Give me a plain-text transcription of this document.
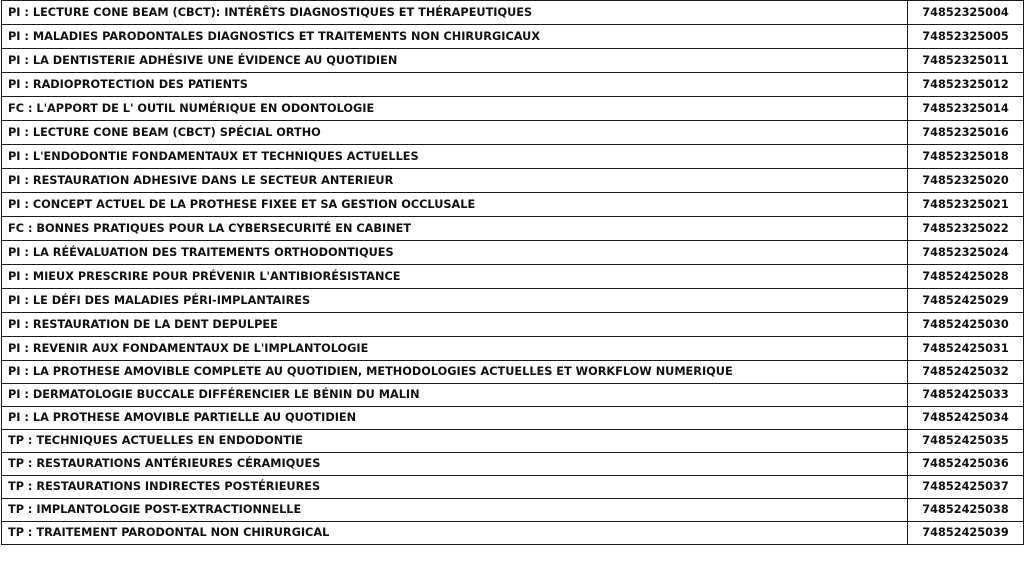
PI : LECTURE CONE BEAM (CBCT): INTÉRÊTS DIAGNOSTIQUES ET THÉRAPEUTIQUES	74852325004
PI : MALADIES PARODONTALES DIAGNOSTICS ET TRAITEMENTS NON CHIRURGICAUX	74852325005
PI : LA DENTISTERIE ADHÉSIVE UNE ÉVIDENCE AU QUOTIDIEN	74852325011
PI : RADIOPROTECTION DES PATIENTS	74852325012
FC : L'APPORT DE L' OUTIL NUMÉRIQUE EN ODONTOLOGIE	74852325014
PI : LECTURE CONE BEAM (CBCT) SPÉCIAL ORTHO	74852325016
PI : L'ENDODONTIE FONDAMENTAUX ET TECHNIQUES ACTUELLES	74852325018
PI : RESTAURATION ADHESIVE DANS LE SECTEUR ANTERIEUR	74852325020
PI : CONCEPT ACTUEL DE LA PROTHESE FIXEE ET SA GESTION OCCLUSALE	74852325021
FC : BONNES PRATIQUES POUR LA CYBERSECURITÉ EN CABINET	74852325022
PI : LA RÉÉVALUATION DES TRAITEMENTS ORTHODONTIQUES	74852325024
PI : MIEUX PRESCRIRE POUR PRÉVENIR L'ANTIBIORÉSISTANCE	74852425028
PI : LE DÉFI DES MALADIES PÉRI-IMPLANTAIRES	74852425029
PI : RESTAURATION DE LA DENT DEPULPEE	74852425030
PI : REVENIR AUX FONDAMENTAUX DE L'IMPLANTOLOGIE	74852425031
PI : LA PROTHESE AMOVIBLE COMPLETE AU QUOTIDIEN, METHODOLOGIES ACTUELLES ET WORKFLOW NUMERIQUE	74852425032
PI : DERMATOLOGIE BUCCALE DIFFÉRENCIER LE BÉNIN DU MALIN	74852425033
PI : LA PROTHESE AMOVIBLE PARTIELLE AU QUOTIDIEN	74852425034
TP : TECHNIQUES ACTUELLES EN ENDODONTIE	74852425035
TP : RESTAURATIONS ANTÉRIEURES CÉRAMIQUES	74852425036
TP : RESTAURATIONS INDIRECTES POSTÉRIEURES	74852425037
TP : IMPLANTOLOGIE POST-EXTRACTIONNELLE	74852425038
TP : TRAITEMENT PARODONTAL NON CHIRURGICAL	74852425039
